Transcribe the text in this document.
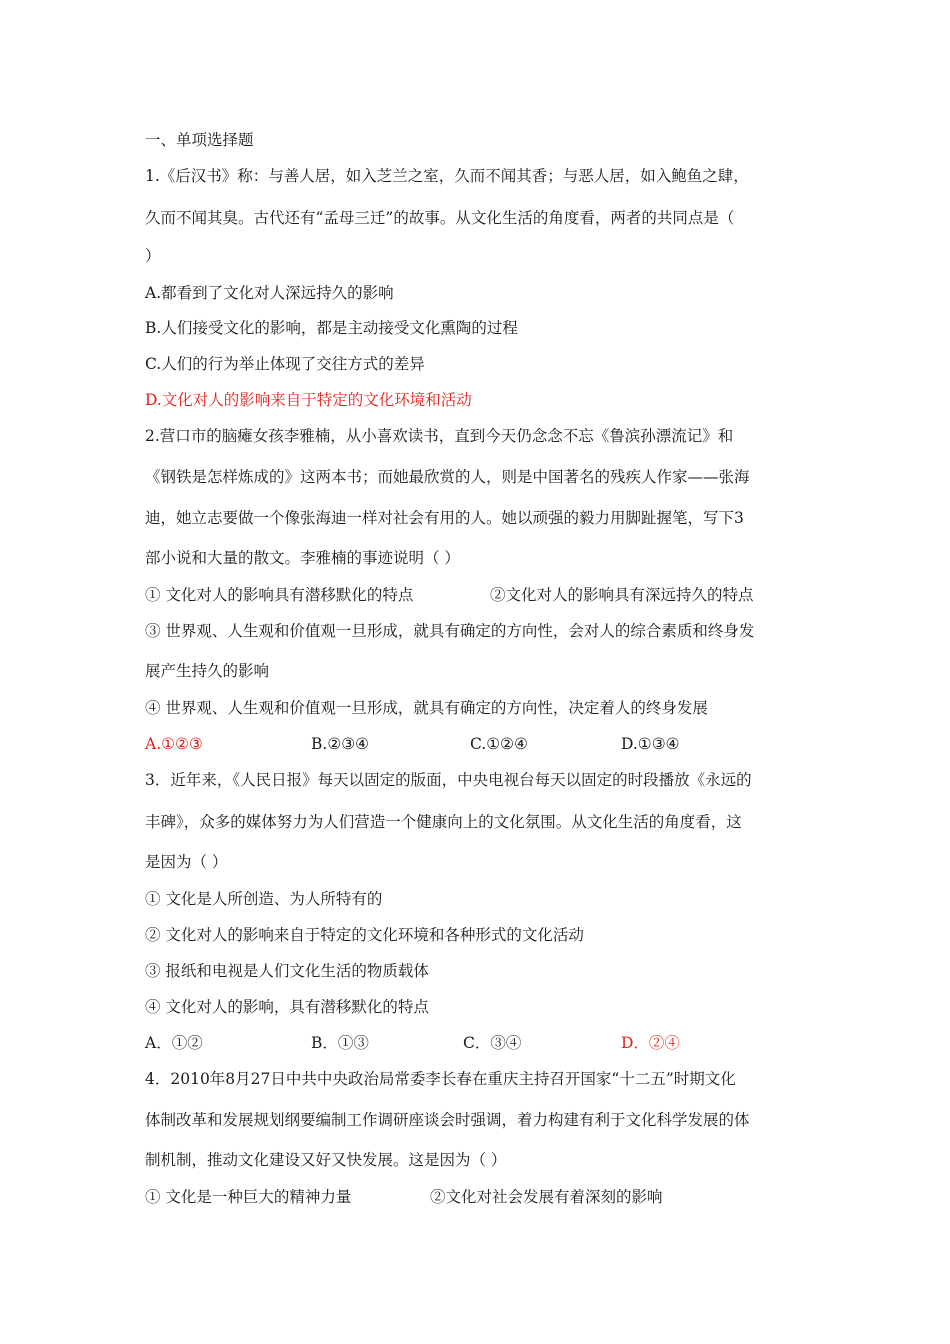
一、单项选择题
1.《后汉书》称：与善人居，如入芝兰之室，久而不闻其香；与恶人居，如入鲍鱼之肆，
久而不闻其臭。古代还有“孟母三迁”的故事。从文化生活的角度看，两者的共同点是（
）
A.都看到了文化对人深远持久的影响
B.人们接受文化的影响，都是主动接受文化熏陶的过程
C.人们的行为举止体现了交往方式的差异
D.文化对人的影响来自于特定的文化环境和活动
2.营口市的脑瘫女孩李雅楠，从小喜欢读书，直到今天仍念念不忘《鲁滨孙漂流记》和
《钢铁是怎样炼成的》这两本书；而她最欣赏的人，则是中国著名的残疾人作家——张海
迪，她立志要做一个像张海迪一样对社会有用的人。她以顽强的毅力用脚趾握笔，写下3
部小说和大量的散文。李雅楠的事迹说明（ ）
① 文化对人的影响具有潜移默化的特点	②文化对人的影响具有深远持久的特点
③ 世界观、人生观和价值观一旦形成，就具有确定的方向性，会对人的综合素质和终身发
展产生持久的影响
④ 世界观、人生观和价值观一旦形成，就具有确定的方向性，决定着人的终身发展
A.①②③	B.②③④	C.①②④	D.①③④
3．近年来，《人民日报》每天以固定的版面，中央电视台每天以固定的时段播放《永远的
丰碑》，众多的媒体努力为人们营造一个健康向上的文化氛围。从文化生活的角度看，这
是因为（ ）
① 文化是人所创造、为人所特有的
② 文化对人的影响来自于特定的文化环境和各种形式的文化活动
③ 报纸和电视是人们文化生活的物质载体
④ 文化对人的影响，具有潜移默化的特点
A．①②	B．①③	C．③④	D．②④
4．2010年8月27日中共中央政治局常委李长春在重庆主持召开国家“十二五”时期文化
体制改革和发展规划纲要编制工作调研座谈会时强调，着力构建有利于文化科学发展的体
制机制，推动文化建设又好又快发展。这是因为（ ）
① 文化是一种巨大的精神力量	②文化对社会发展有着深刻的影响
